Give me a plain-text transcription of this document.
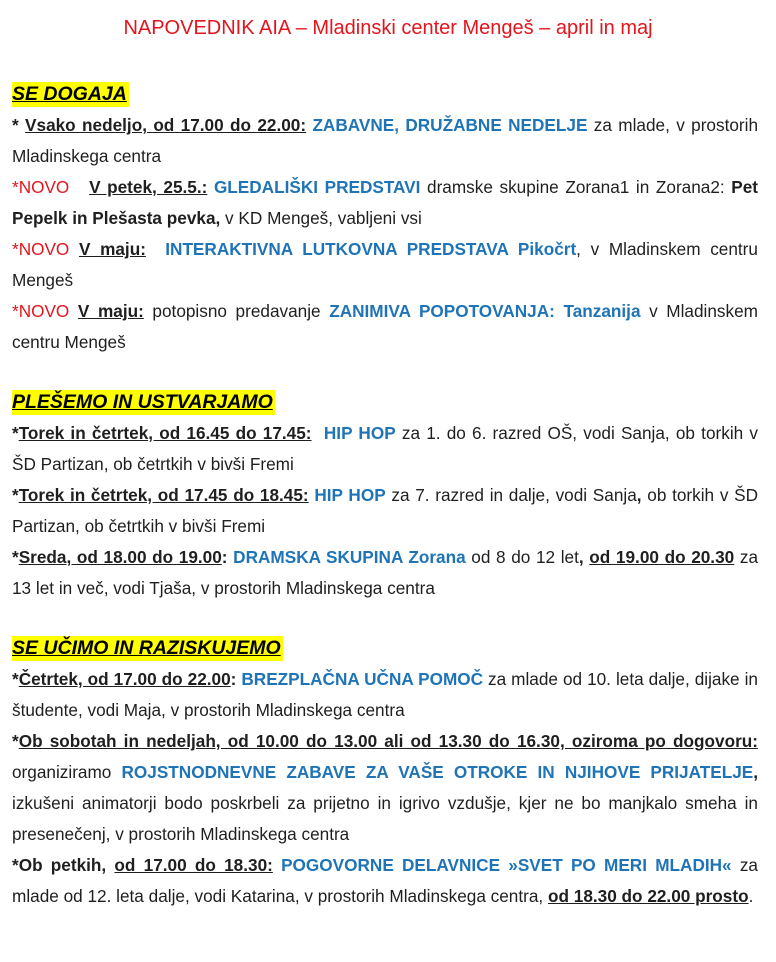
NAPOVEDNIK AIA – Mladinski center Mengeš – april in maj
SE DOGAJA

* Vsako nedeljo, od 17.00 do 22.00: ZABAVNE, DRUŽABNE NEDELJE za mlade, v prostorih Mladinskega centra

*NOVO V petek, 25.5.: GLEDALIŠKI PREDSTAVI dramske skupine Zorana1 in Zorana2: Pet Pepelk in Plešasta pevka, v KD Mengeš, vabljeni vsi

*NOVO V maju: INTERAKTIVNA LUTKOVNA PREDSTAVA Pikočrt, v Mladinskem centru Mengeš

*NOVO V maju: potopisno predavanje ZANIMIVA POPOTOVANJA: Tanzanija v Mladinskem centru Mengeš

PLEŠEMO IN USTVARJAMO

*Torek in četrtek, od 16.45 do 17.45: HIP HOP za 1. do 6. razred OŠ, vodi Sanja, ob torkih v ŠD Partizan, ob četrtkih v bivši Fremi

*Torek in četrtek, od 17.45 do 18.45: HIP HOP za 7. razred in dalje, vodi Sanja, ob torkih v ŠD Partizan, ob četrtkih v bivši Fremi

*Sreda, od 18.00 do 19.00: DRAMSKA SKUPINA Zorana od 8 do 12 let, od 19.00 do 20.30 za 13 let in več, vodi Tjaša, v prostorih Mladinskega centra

SE UČIMO IN RAZISKUJEMO

*Četrtek, od 17.00 do 22.00: BREZPLAČNA UČNA POMOČ za mlade od 10. leta dalje, dijake in študente, vodi Maja, v prostorih Mladinskega centra

*Ob sobotah in nedeljah, od 10.00 do 13.00 ali od 13.30 do 16.30, oziroma po dogovoru: organiziramo ROJSTNODNEVNE ZABAVE ZA VAŠE OTROKE IN NJIHOVE PRIJATELJE, izkušeni animatorji bodo poskrbeli za prijetno in igrivo vzdušje, kjer ne bo manjkalo smeha in presenečenj, v prostorih Mladinskega centra

*Ob petkih, od 17.00 do 18.30: POGOVORNE DELAVNICE »SVET PO MERI MLADIH« za mlade od 12. leta dalje, vodi Katarina, v prostorih Mladinskega centra, od 18.30 do 22.00 prosto.
